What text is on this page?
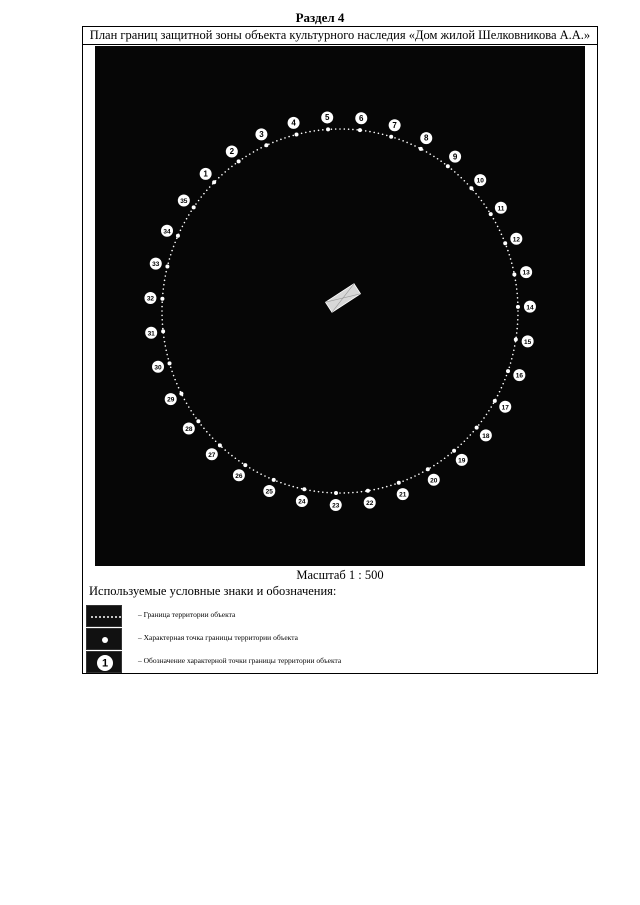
Раздел 4
План границ защитной зоны объекта культурного наследия «Дом жилой Шелковникова А.А.»
1
2
3
4
5	6
7
8
9
10
11
12
13
14
15
16
17
18
19
20
21
22
23
24
25
26
27
28
29
30
31
32
33
34
35
Масштаб 1 : 500
Используемые условные знаки и обозначения:
– Граница территории объекта
– Характерная точка границы территории объекта
1	– Обозначение характерной точки границы территории объекта
